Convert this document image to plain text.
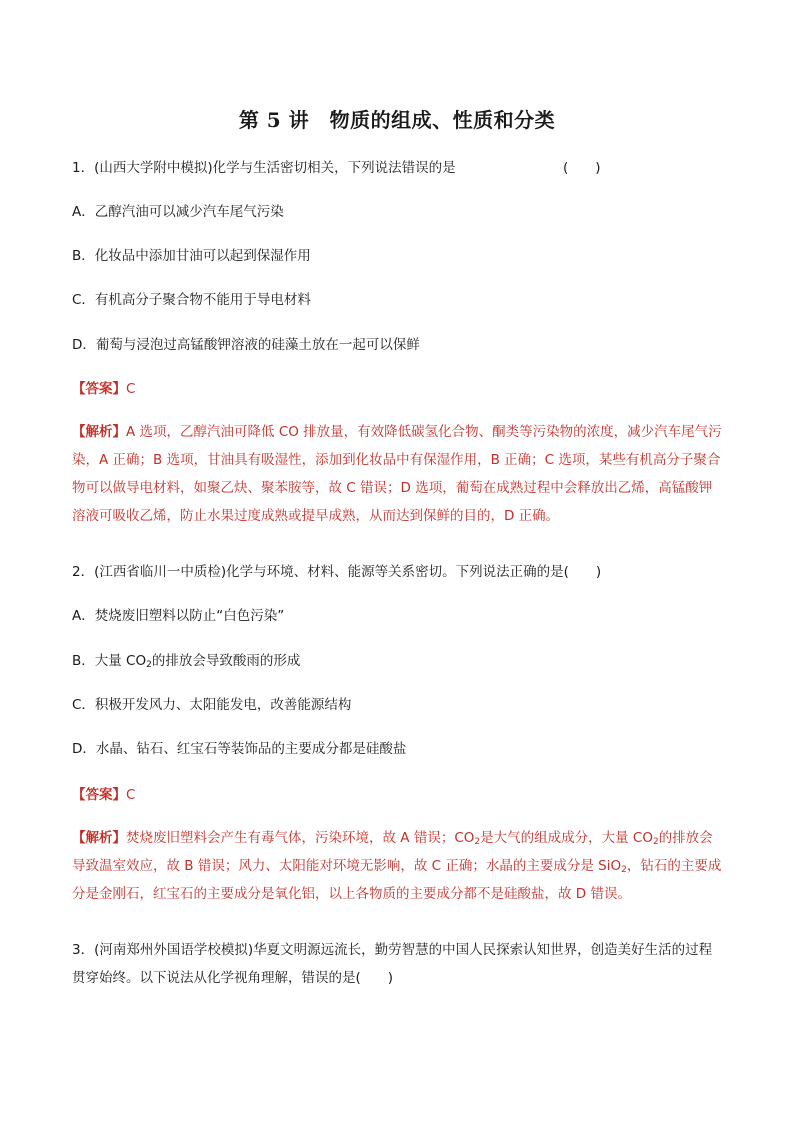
第 5 讲　物质的组成、性质和分类
1．(山西大学附中模拟)化学与生活密切相关，下列说法错误的是	(　　)
A．乙醇汽油可以减少汽车尾气污染
B．化妆品中添加甘油可以起到保湿作用
C．有机高分子聚合物不能用于导电材料
D．葡萄与浸泡过高锰酸钾溶液的硅藻土放在一起可以保鲜
【答案】C
【解析】A 选项，乙醇汽油可降低 CO 排放量，有效降低碳氢化合物、酮类等污染物的浓度，减少汽车尾气污染，A 正确；B 选项，甘油具有吸湿性，添加到化妆品中有保湿作用，B 正确；C 选项，某些有机高分子聚合物可以做导电材料，如聚乙炔、聚苯胺等，故 C 错误；D 选项，葡萄在成熟过程中会释放出乙烯，高锰酸钾溶液可吸收乙烯，防止水果过度成熟或提早成熟，从而达到保鲜的目的，D 正确。
2．(江西省临川一中质检)化学与环境、材料、能源等关系密切。下列说法正确的是(　　)
A．焚烧废旧塑料以防止“白色污染”
B．大量 $CO_2$的排放会导致酸雨的形成
C．积极开发风力、太阳能发电，改善能源结构
D．水晶、钻石、红宝石等装饰品的主要成分都是硅酸盐
【答案】C
【解析】焚烧废旧塑料会产生有毒气体，污染环境，故 A 错误；$CO_2$是大气的组成成分，大量 $CO_2$的排放会导致温室效应，故 B 错误；风力、太阳能对环境无影响，故 C 正确；水晶的主要成分是 SiO$_2$，钻石的主要成分是金刚石，红宝石的主要成分是氧化铝，以上各物质的主要成分都不是硅酸盐，故 D 错误。
3．(河南郑州外国语学校模拟)华夏文明源远流长，勤劳智慧的中国人民探索认知世界，创造美好生活的过程贯穿始终。以下说法从化学视角理解，错误的是(　　)
